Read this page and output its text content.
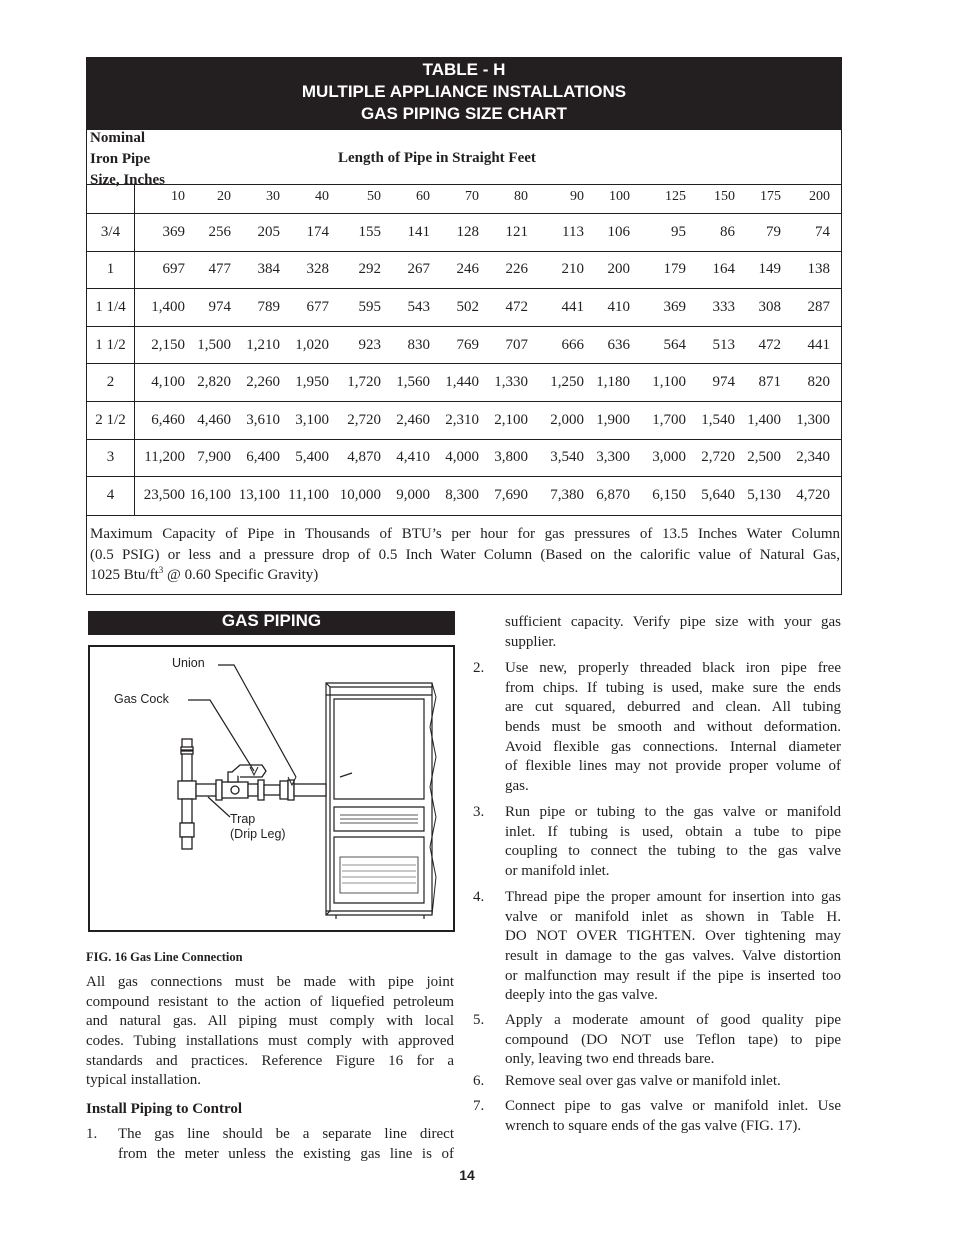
TABLE - H
MULTIPLE APPLIANCE INSTALLATIONS
GAS PIPING SIZE CHART
Nominal
Iron Pipe
Size, Inches
Length of Pipe in Straight Feet
10	20	30	40	50	60	70	80	90	100	125	150	175	200
3/4	369	256	205	174	155	141	128	121	113	106	95	86	79	74
1	697	477	384	328	292	267	246	226	210	200	179	164	149	138
1 1/4	1,400	974	789	677	595	543	502	472	441	410	369	333	308	287
1 1/2	2,150 1,500	1,210	1,020	923	830	769	707	666	636	564	513	472	441
2	4,100 2,820	2,260	1,950	1,720	1,560	1,440	1,330	1,250 1,180	1,100	974	871	820
2 1/2	6,460 4,460	3,610	3,100	2,720	2,460	2,310	2,100	2,000 1,900	1,700	1,540 1,400	1,300
3	11,200 7,900	6,400	5,400	4,870	4,410	4,000	3,800	3,540 3,300	3,000	2,720 2,500	2,340
4	23,500 16,100 13,100 11,100 10,000	9,000	8,300	7,690	7,380 6,870	6,150	5,640 5,130	4,720
Maximum Capacity of Pipe in Thousands of BTU’s per hour for gas pressures of 13.5 Inches Water Column
(0.5 PSIG) or less and a pressure drop of 0.5 Inch Water Column (Based on the calorific value of Natural Gas,
1025 Btu/$ft^3$ @ 0.60 Specific Gravity)
GAS PIPING
Union
Gas Cock
Trap
(Drip Leg)
FIG. 16 Gas Line Connection
All gas connections must be made with pipe joint
compound resistant to the action of liquefied petroleum
and natural gas. All piping must comply with local
codes. Tubing installations must comply with approved
standards and practices. Reference Figure 16 for a
typical installation.
Install Piping to Control
1. The gas line should be a separate line direct
from the meter unless the existing gas line is of
sufficient capacity. Verify pipe size with your gas
supplier.
2. Use new, properly threaded black iron pipe free
from chips. If tubing is used, make sure the ends
are cut squared, deburred and clean. All tubing
bends must be smooth and without deformation.
Avoid flexible gas connections. Internal diameter
of flexible lines may not provide proper volume of
gas.
3. Run pipe or tubing to the gas valve or manifold
inlet. If tubing is used, obtain a tube to pipe
coupling to connect the tubing to the gas valve
or manifold inlet.
4. Thread pipe the proper amount for insertion into gas
valve or manifold inlet as shown in Table H.
DO NOT OVER TIGHTEN. Over tightening may
result in damage to the gas valves. Valve distortion
or malfunction may result if the pipe is inserted too
deeply into the gas valve.
5. Apply a moderate amount of good quality pipe
compound (DO NOT use Teflon tape) to pipe
only, leaving two end threads bare.
6. Remove seal over gas valve or manifold inlet.
7. Connect pipe to gas valve or manifold inlet. Use
wrench to square ends of the gas valve (FIG. 17).
14
